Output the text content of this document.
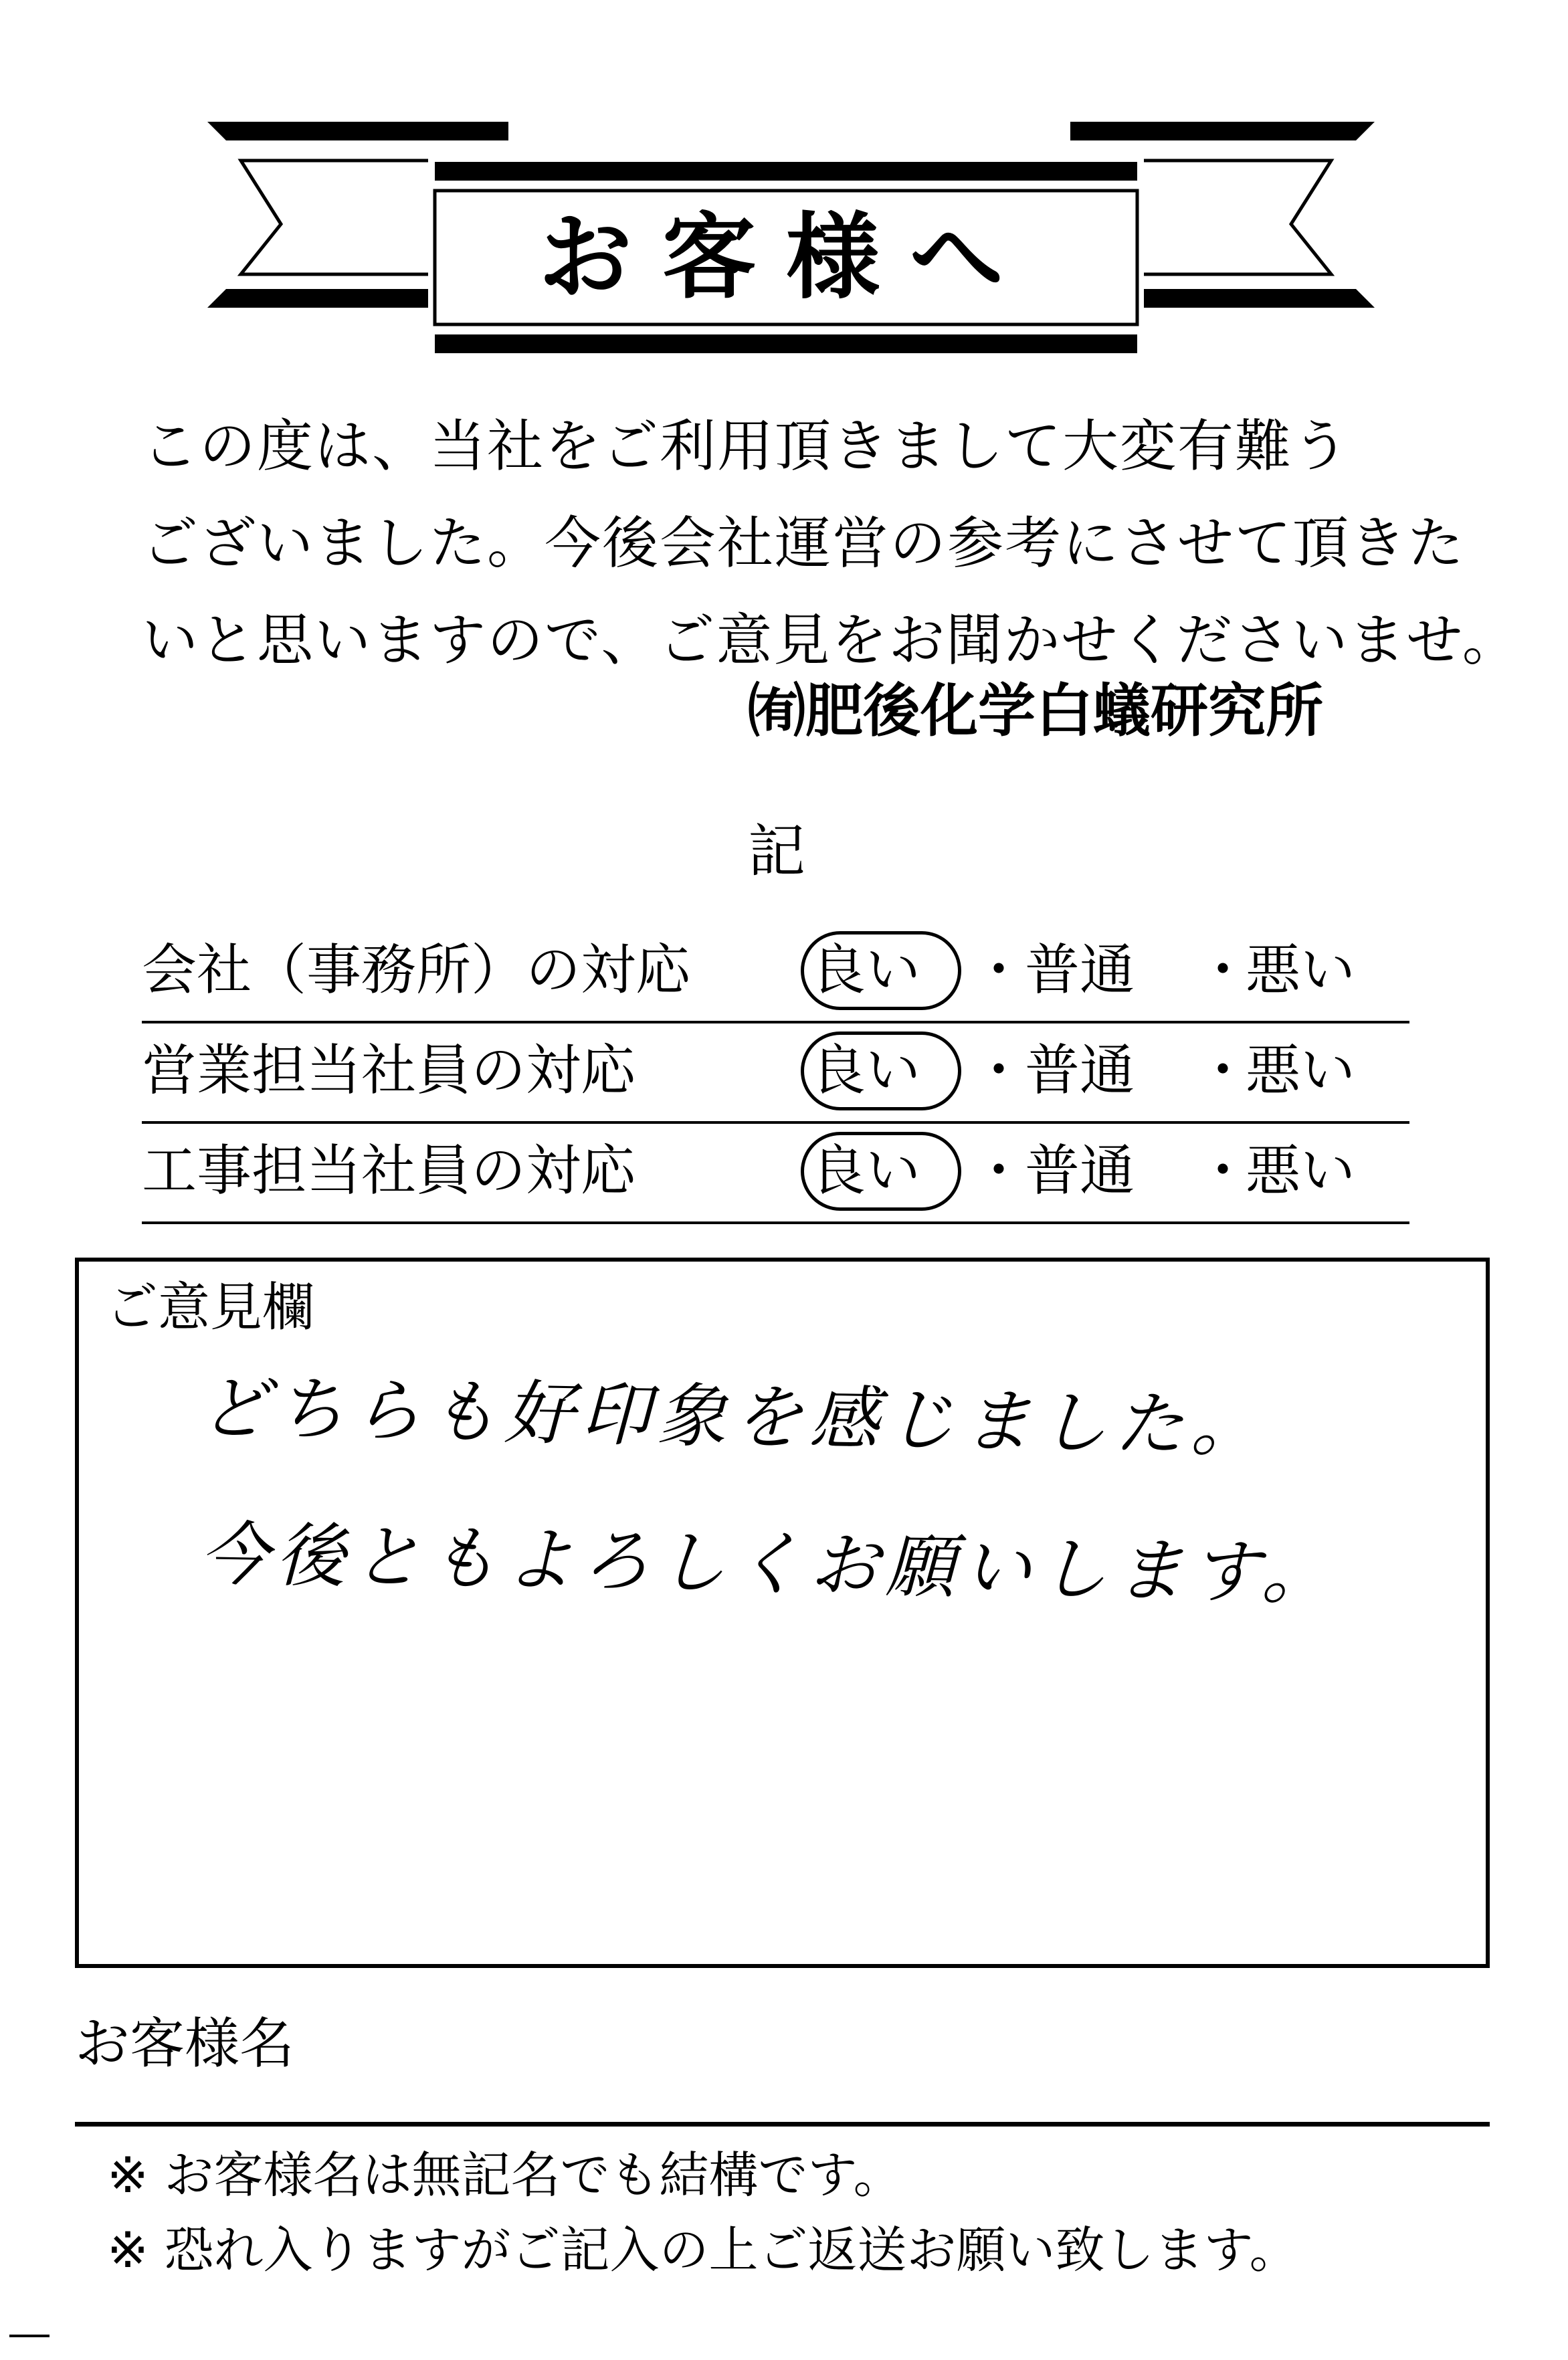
お客様へ
この度は、当社をご利用頂きまして大変有難う
ございました。今後会社運営の参考にさせて頂きた
いと思いますので、ご意見をお聞かせくださいませ。
㈲肥後化学白蟻研究所
記
会社（事務所）の対応 良い ・
普通 ・
悪い
営業担当社員の対応	良い ・
普通 ・
悪い
工事担当社員の対応	良い ・
普通 ・
悪い
ご意見欄
どちらも好印象を感じました。
今後ともよろしくお願いします。
お客様名
※ お客様名は無記名でも結構です。
※ 恐れ入りますがご記入の上ご返送お願い致します。
